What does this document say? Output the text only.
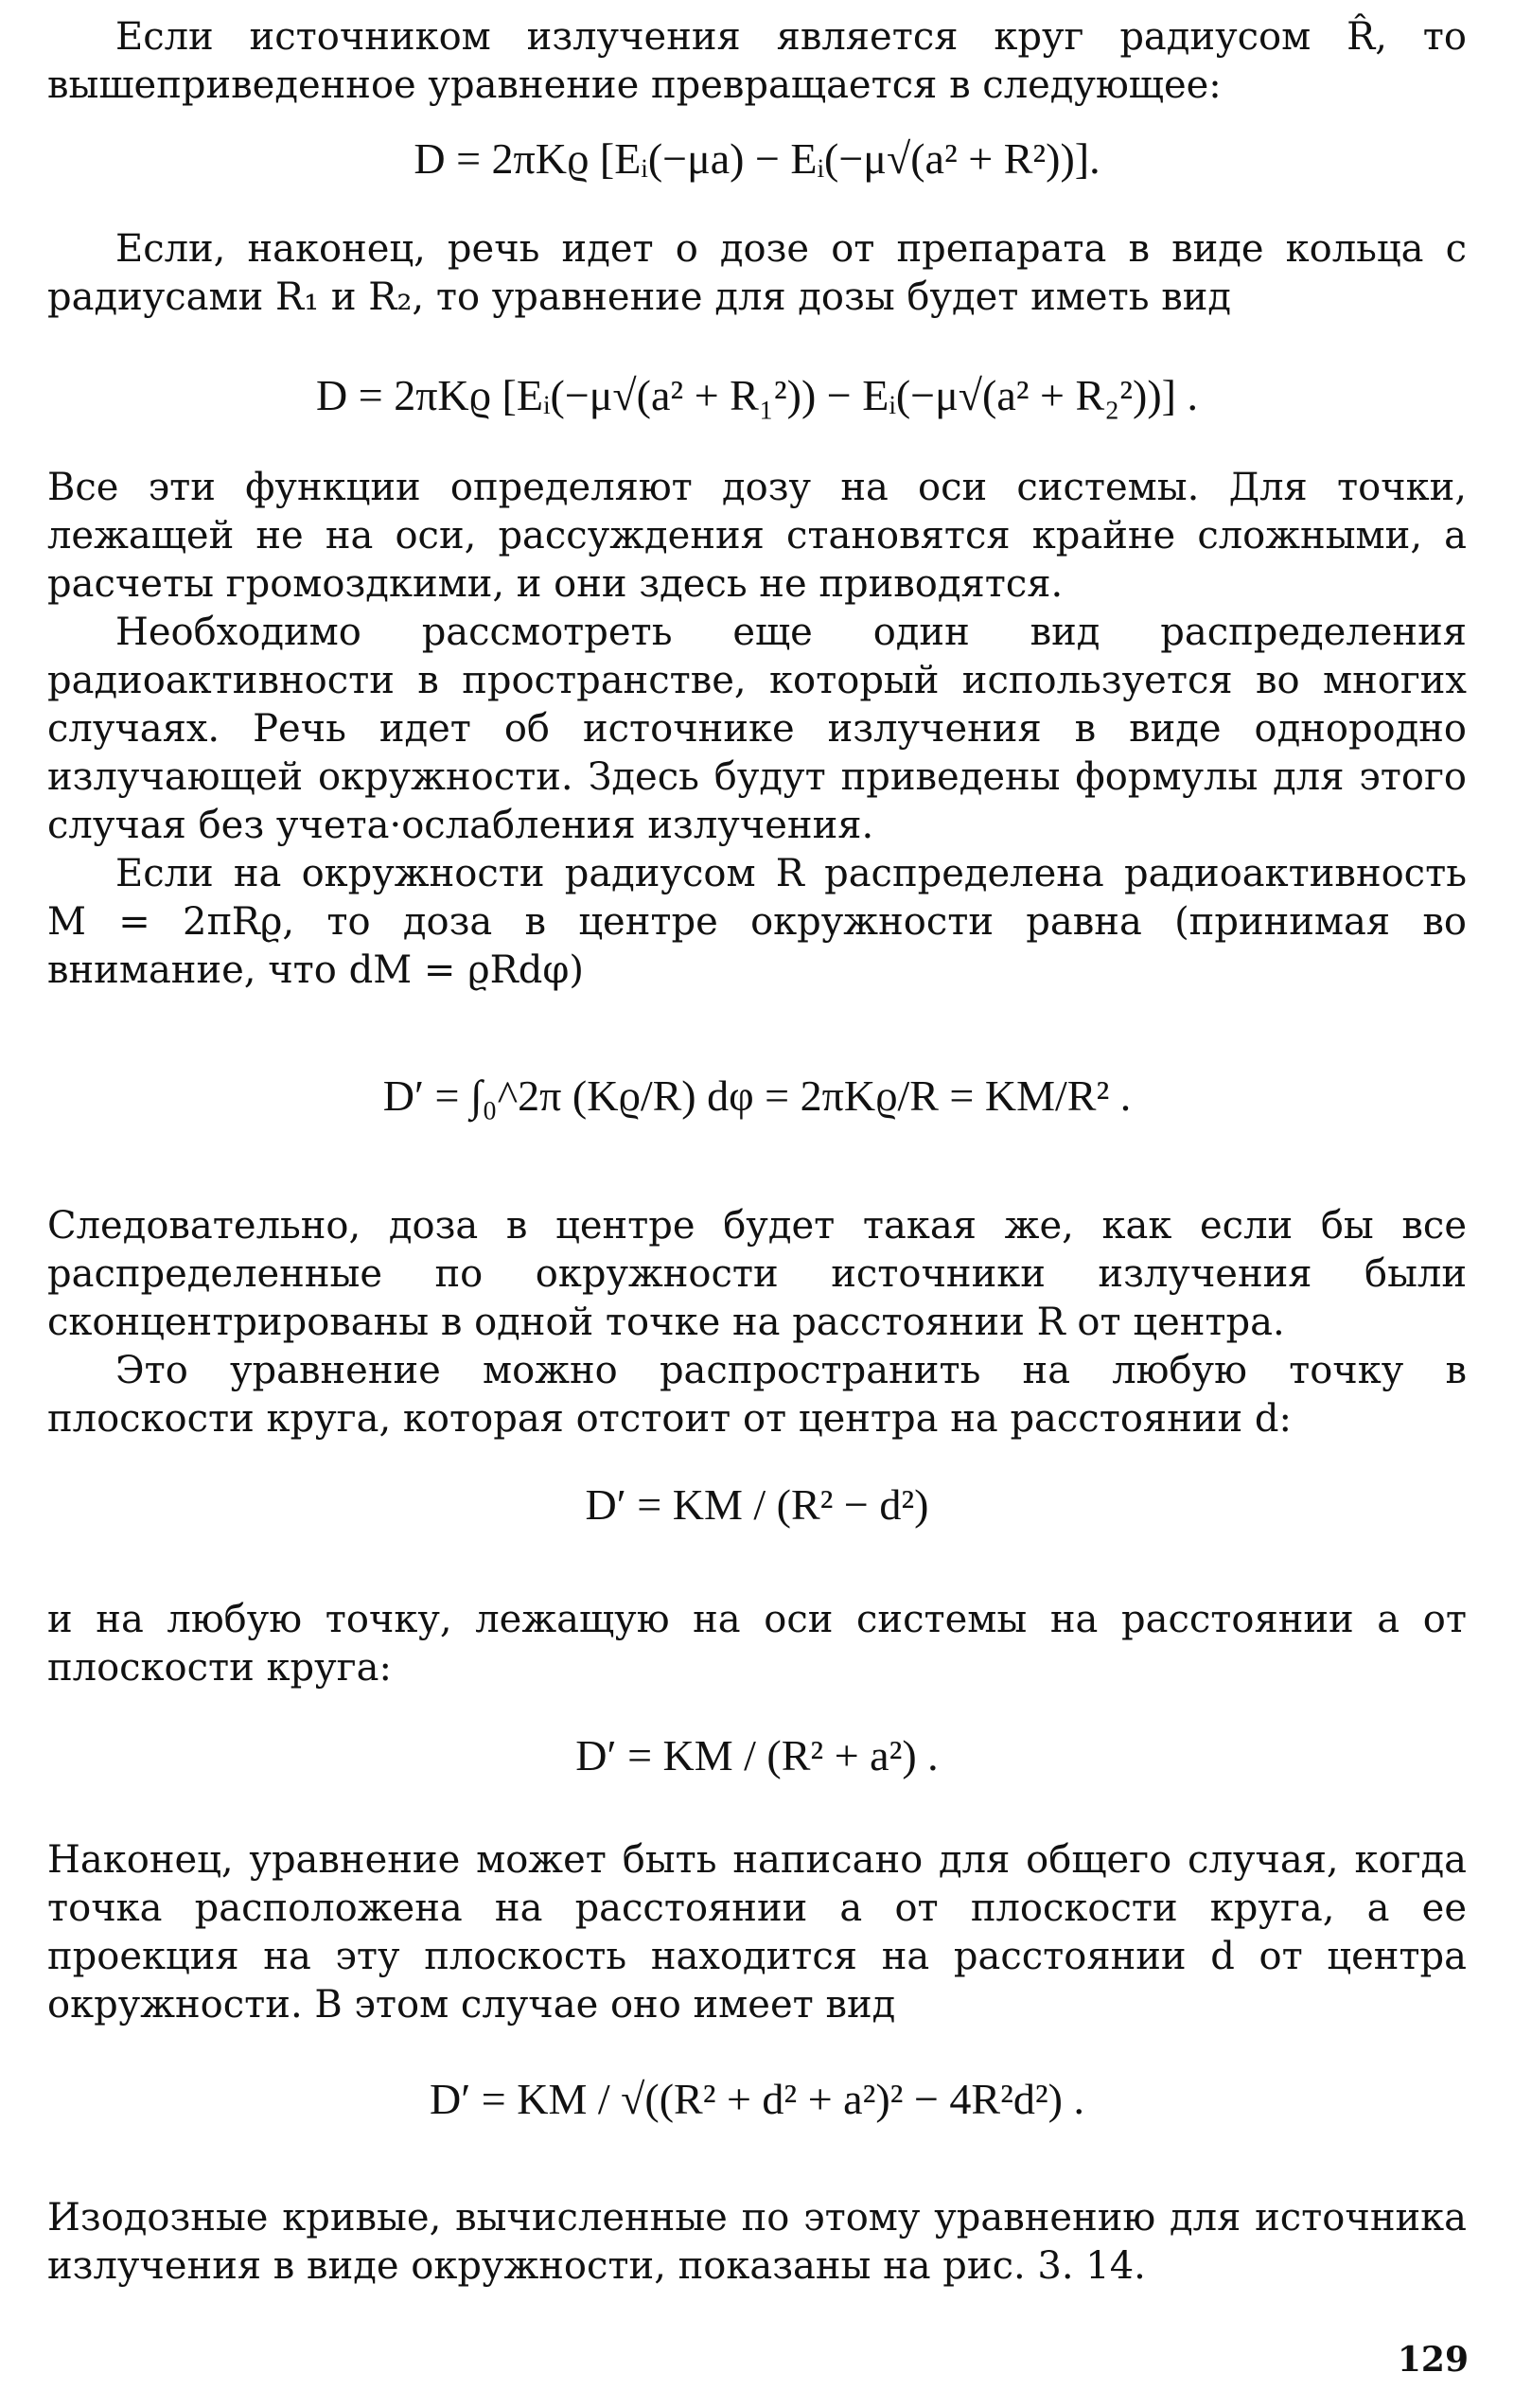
Если источником излучения является круг радиусом R̂, то вышеприведенное уравнение превращается в следующее:

D = 2πKϱ [Eᵢ(−μa) − Eᵢ(−μ√(a² + R²))].

Если, наконец, речь идет о дозе от препарата в виде кольца с радиусами R₁ и R₂, то уравнение для дозы будет иметь вид

D = 2πKϱ [Eᵢ(−μ√(a² + R₁²)) − Eᵢ(−μ√(a² + R₂²))] .

Все эти функции определяют дозу на оси системы. Для точки, лежащей не на оси, рассуждения становятся крайне сложными, а расчеты громоздкими, и они здесь не приводятся.

Необходимо рассмотреть еще один вид распределения радиоактивности в пространстве, который используется во многих случаях. Речь идет об источнике излучения в виде однородно излучающей окружности. Здесь будут приведены формулы для этого случая без учета·ослабления излучения.

Если на окружности радиусом R распределена радиоактивность M = 2πRϱ, то доза в центре окружности равна (принимая во внимание, что dM = ϱRdφ)

D′ = ∫₀^2π (Kϱ/R) dφ = 2πKϱ/R = KM/R² .

Следовательно, доза в центре будет такая же, как если бы все распределенные по окружности источники излучения были сконцентрированы в одной точке на расстоянии R от центра.

Это уравнение можно распространить на любую точку в плоскости круга, которая отстоит от центра на расстоянии d:

D′ = KM / (R² − d²)

и на любую точку, лежащую на оси системы на расстоянии a от плоскости круга:

D′ = KM / (R² + a²) .

Наконец, уравнение может быть написано для общего случая, когда точка расположена на расстоянии a от плоскости круга, а ее проекция на эту плоскость находится на расстоянии d от центра окружности. В этом случае оно имеет вид

D′ = KM / √((R² + d² + a²)² − 4R²d²) .

Изодозные кривые, вычисленные по этому уравнению для источника излучения в виде окружности, показаны на рис. 3. 14.

129
